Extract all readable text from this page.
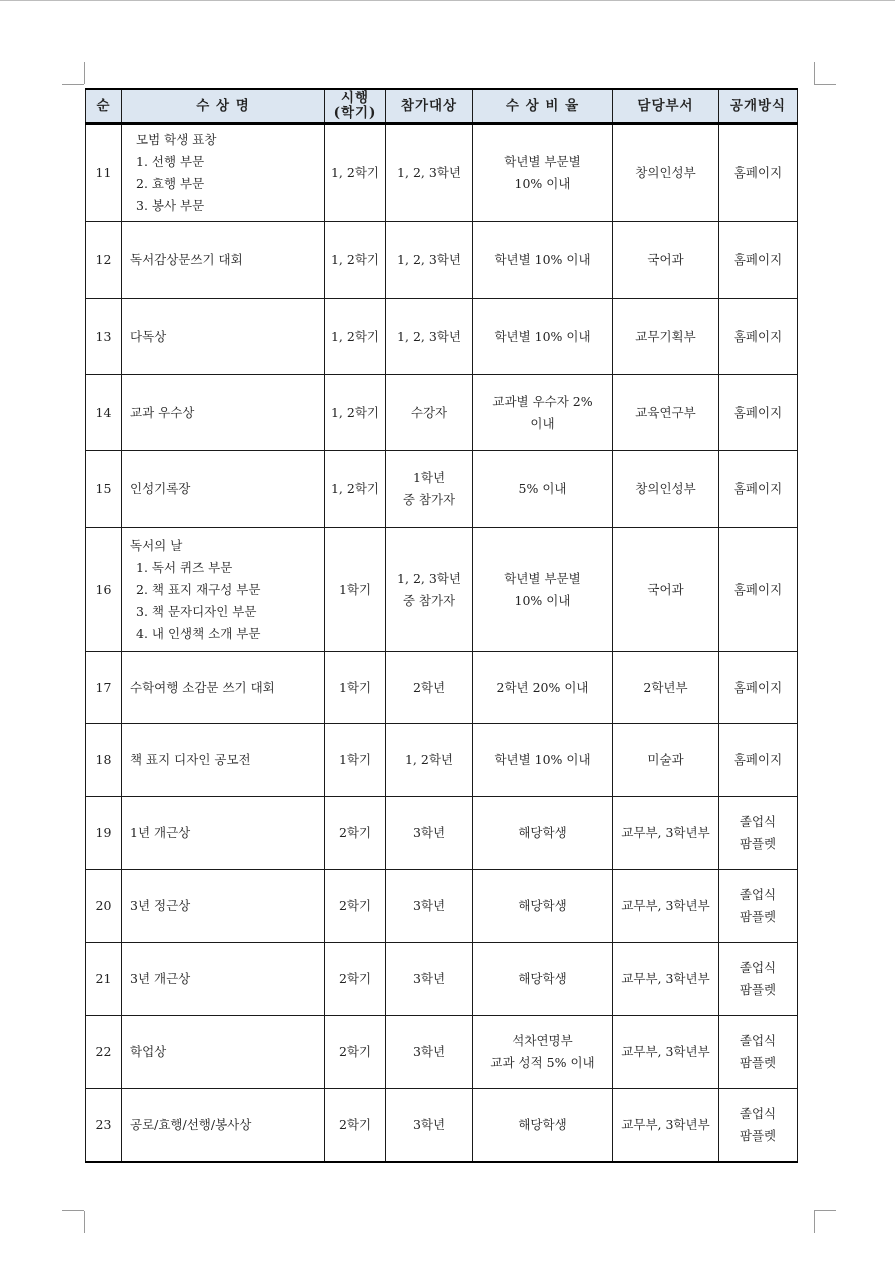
순	수 상 명	시행
(학기)	참가대상	수 상 비 율	담당부서	공개방식
11	모범 학생 표창
1. 선행 부문
2. 효행 부문
3. 봉사 부문	1, 2학기	1, 2, 3학년	학년별 부문별
10% 이내	창의인성부	홈페이지

12	독서감상문쓰기 대회	1, 2학기	1, 2, 3학년	학년별 10% 이내	국어과	홈페이지

13	다독상	1, 2학기	1, 2, 3학년	학년별 10% 이내	교무기획부	홈페이지

14	교과 우수상	1, 2학기	수강자	교과별 우수자 2%
이내	교육연구부	홈페이지

15	인성기록장	1, 2학기	1학년
중 참가자	5% 이내	창의인성부	홈페이지

16	독서의 날
1. 독서 퀴즈 부문
2. 책 표지 재구성 부문
3. 책 문자디자인 부문
4. 내 인생책 소개 부문	1학기	1, 2, 3학년
중 참가자	학년별 부문별
10% 이내	국어과	홈페이지

17	수학여행 소감문 쓰기 대회	1학기	2학년	2학년 20% 이내	2학년부	홈페이지

18	책 표지 디자인 공모전	1학기	1, 2학년	학년별 10% 이내	미술과	홈페이지

19	1년 개근상	2학기	3학년	해당학생	교무부, 3학년부	졸업식
팜플렛

20	3년 정근상	2학기	3학년	해당학생	교무부, 3학년부	졸업식
팜플렛

21	3년 개근상	2학기	3학년	해당학생	교무부, 3학년부	졸업식
팜플렛

22	학업상	2학기	3학년	석차연명부
교과 성적 5% 이내	교무부, 3학년부	졸업식
팜플렛

23	공로/효행/선행/봉사상	2학기	3학년	해당학생	교무부, 3학년부	졸업식
팜플렛
